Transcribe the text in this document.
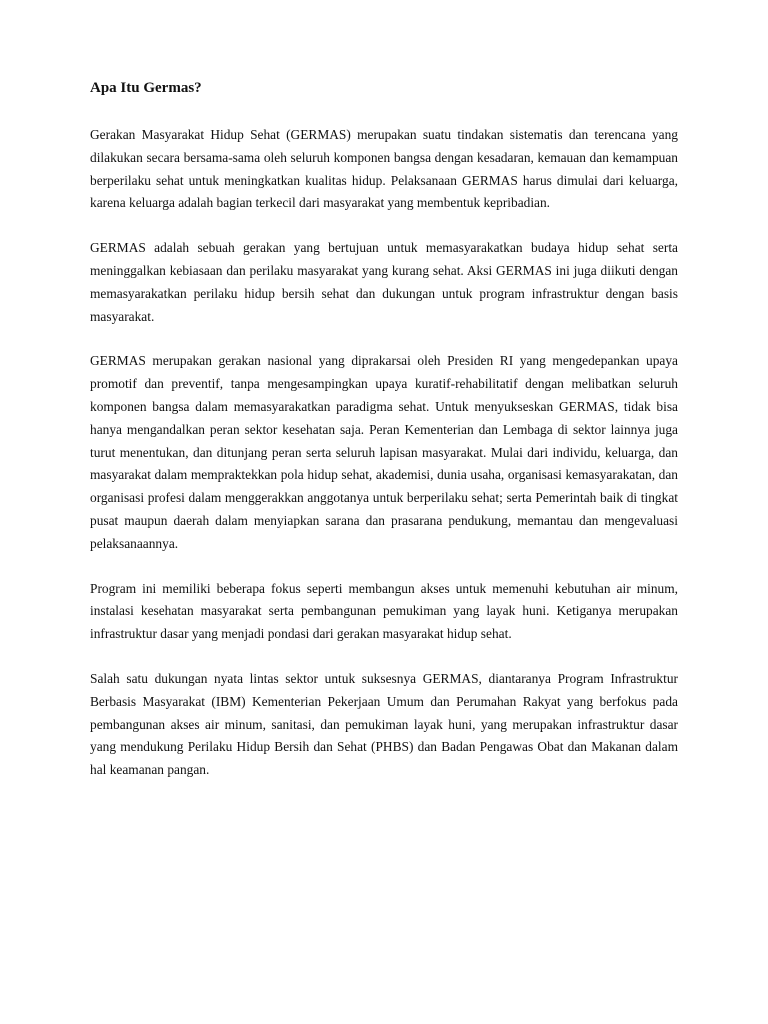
Apa Itu Germas?

Gerakan Masyarakat Hidup Sehat (GERMAS) merupakan suatu tindakan sistematis dan terencana yang dilakukan secara bersama-sama oleh seluruh komponen bangsa dengan kesadaran, kemauan dan kemampuan berperilaku sehat untuk meningkatkan kualitas hidup. Pelaksanaan GERMAS harus dimulai dari keluarga, karena keluarga adalah bagian terkecil dari masyarakat yang membentuk kepribadian.

GERMAS adalah sebuah gerakan yang bertujuan untuk memasyarakatkan budaya hidup sehat serta meninggalkan kebiasaan dan perilaku masyarakat yang kurang sehat. Aksi GERMAS ini juga diikuti dengan memasyarakatkan perilaku hidup bersih sehat dan dukungan untuk program infrastruktur dengan basis masyarakat.

GERMAS merupakan gerakan nasional yang diprakarsai oleh Presiden RI yang mengedepankan upaya promotif dan preventif, tanpa mengesampingkan upaya kuratif-rehabilitatif dengan melibatkan seluruh komponen bangsa dalam memasyarakatkan paradigma sehat. Untuk menyukseskan GERMAS, tidak bisa hanya mengandalkan peran sektor kesehatan saja. Peran Kementerian dan Lembaga di sektor lainnya juga turut menentukan, dan ditunjang peran serta seluruh lapisan masyarakat. Mulai dari individu, keluarga, dan masyarakat dalam mempraktekkan pola hidup sehat, akademisi, dunia usaha, organisasi kemasyarakatan, dan organisasi profesi dalam menggerakkan anggotanya untuk berperilaku sehat; serta Pemerintah baik di tingkat pusat maupun daerah dalam menyiapkan sarana dan prasarana pendukung, memantau dan mengevaluasi pelaksanaannya.

Program ini memiliki beberapa fokus seperti membangun akses untuk memenuhi kebutuhan air minum, instalasi kesehatan masyarakat serta pembangunan pemukiman yang layak huni. Ketiganya merupakan infrastruktur dasar yang menjadi pondasi dari gerakan masyarakat hidup sehat.

Salah satu dukungan nyata lintas sektor untuk suksesnya GERMAS, diantaranya Program Infrastruktur Berbasis Masyarakat (IBM) Kementerian Pekerjaan Umum dan Perumahan Rakyat yang berfokus pada pembangunan akses air minum, sanitasi, dan pemukiman layak huni, yang merupakan infrastruktur dasar yang mendukung Perilaku Hidup Bersih dan Sehat (PHBS) dan Badan Pengawas Obat dan Makanan dalam hal keamanan pangan.
